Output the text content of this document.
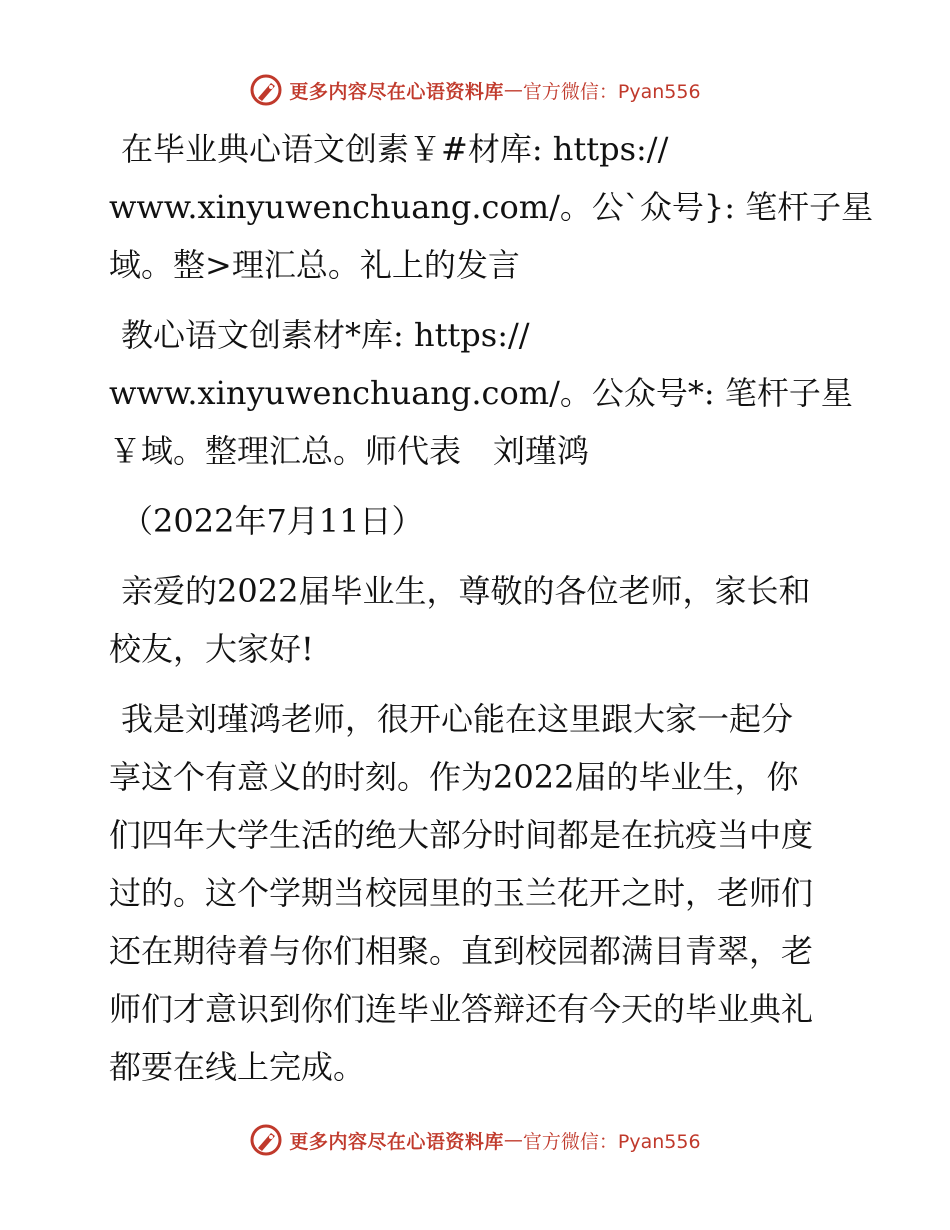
更多内容尽在心语资料库 — 官方微信：Pyan556
在毕业典心语文创素￥#材库: https://
www.xinyuwenchuang.com/。公`众号}: 笔杆子星
域。整>理汇总。礼上的发言
教心语文创素材*库: https://
www.xinyuwenchuang.com/。公众号*: 笔杆子星
￥域。整理汇总。师代表　刘瑾鸿
（2022年7月11日）
亲爱的2022届毕业生，尊敬的各位老师，家长和
校友，大家好!
我是刘瑾鸿老师，很开心能在这里跟大家一起分
享这个有意义的时刻。作为2022届的毕业生，你
们四年大学生活的绝大部分时间都是在抗疫当中度
过的。这个学期当校园里的玉兰花开之时，老师们
还在期待着与你们相聚。直到校园都满目青翠，老
师们才意识到你们连毕业答辩还有今天的毕业典礼
都要在线上完成。
更多内容尽在心语资料库 — 官方微信：Pyan556
